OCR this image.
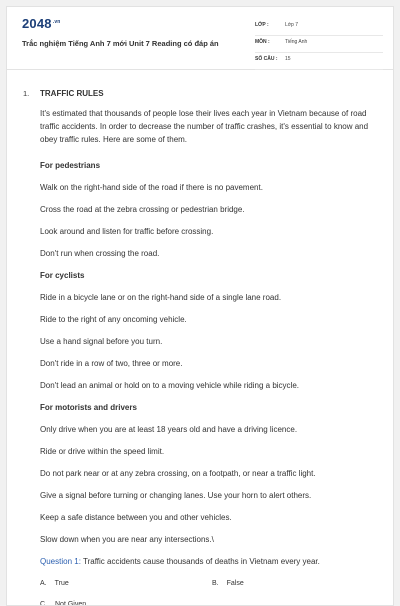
$2048^{.vn}$
Trắc nghiệm Tiếng Anh 7 mới Unit 7 Reading có đáp án
LỚP :	Lớp 7
MÔN :	Tiếng Anh
SỐ CÂU : 15
1. TRAFFIC RULES
It's estimated that thousands of people lose their lives each year in Vietnam because of road traffic accidents. In order to decrease the number of traffic crashes, it's essential to know and obey traffic rules. Here are some of them.
For pedestrians
Walk on the right-hand side of the road if there is no pavement.
Cross the road at the zebra crossing or pedestrian bridge.
Look around and listen for traffic before crossing.
Don't run when crossing the road.
For cyclists
Ride in a bicycle lane or on the right-hand side of a single lane road.
Ride to the right of any oncoming vehicle.
Use a hand signal before you turn.
Don't ride in a row of two, three or more.
Don't lead an animal or hold on to a moving vehicle while riding a bicycle.
For motorists and drivers
Only drive when you are at least 18 years old and have a driving licence.
Ride or drive within the speed limit.
Do not park near or at any zebra crossing, on a footpath, or near a traffic light.
Give a signal before turning or changing lanes. Use your horn to alert others.
Keep a safe distance between you and other vehicles.
Slow down when you are near any intersections.\
Question 1: Traffic accidents cause thousands of deaths in Vietnam every year.
A. True	B. False
C. Not Given
